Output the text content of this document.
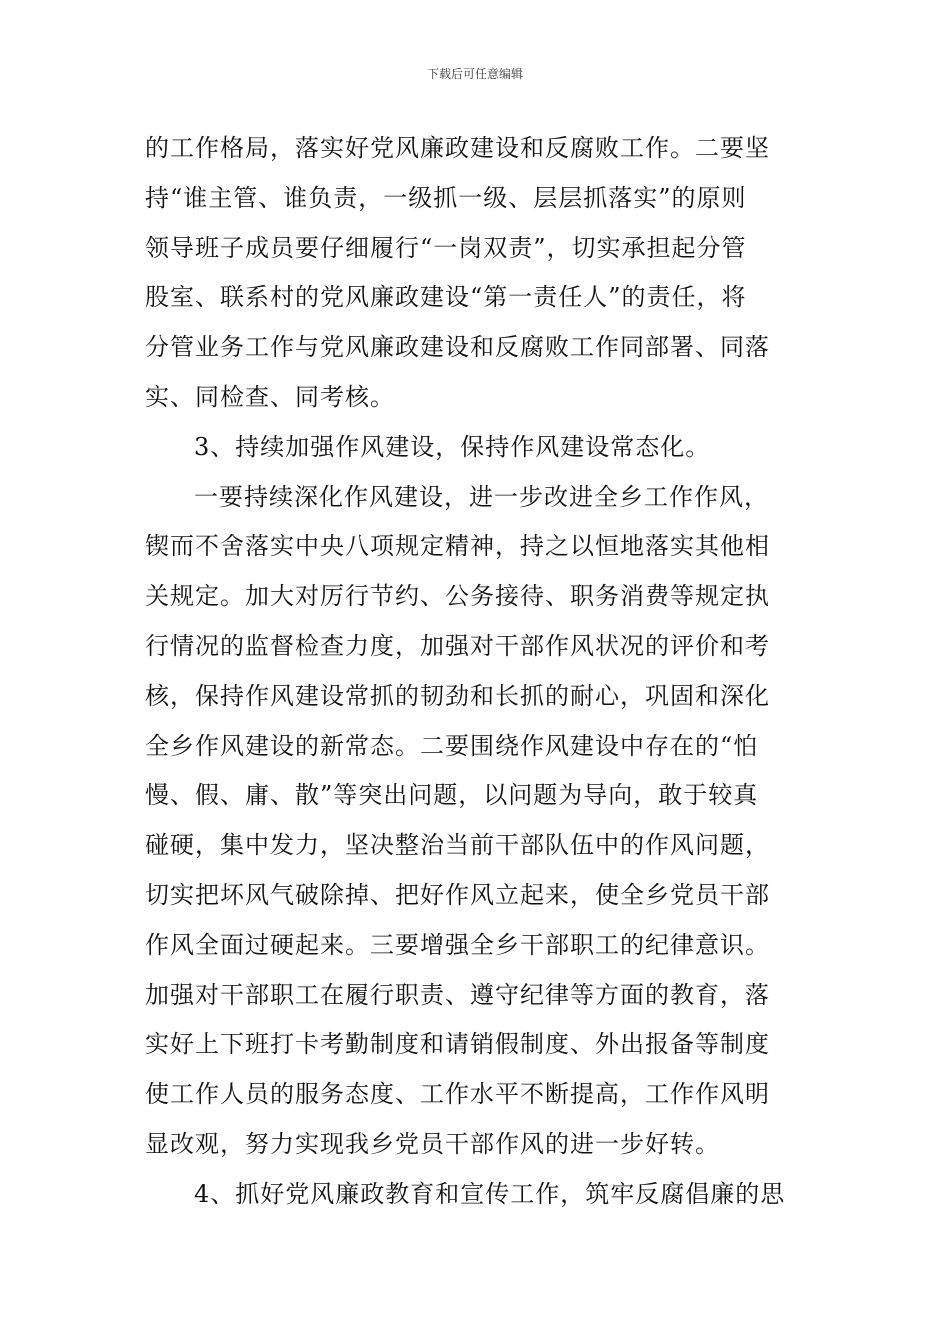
下载后可任意编辑
的工作格局，落实好党风廉政建设和反腐败工作。二要坚
持“谁主管、谁负责，一级抓一级、层层抓落实”的原则
领导班子成员要仔细履行“一岗双责”，切实承担起分管
股室、联系村的党风廉政建设“第一责任人”的责任，将
分管业务工作与党风廉政建设和反腐败工作同部署、同落
实、同检查、同考核。
3、持续加强作风建设，保持作风建设常态化。
一要持续深化作风建设，进一步改进全乡工作作风，
锲而不舍落实中央八项规定精神，持之以恒地落实其他相
关规定。加大对厉行节约、公务接待、职务消费等规定执
行情况的监督检查力度，加强对干部作风状况的评价和考
核，保持作风建设常抓的韧劲和长抓的耐心，巩固和深化
全乡作风建设的新常态。二要围绕作风建设中存在的“怕
慢、假、庸、散”等突出问题，以问题为导向，敢于较真
碰硬，集中发力，坚决整治当前干部队伍中的作风问题，
切实把坏风气破除掉、把好作风立起来，使全乡党员干部
作风全面过硬起来。三要增强全乡干部职工的纪律意识。
加强对干部职工在履行职责、遵守纪律等方面的教育，落
实好上下班打卡考勤制度和请销假制度、外出报备等制度
使工作人员的服务态度、工作水平不断提高，工作作风明
显改观，努力实现我乡党员干部作风的进一步好转。
4、抓好党风廉政教育和宣传工作，筑牢反腐倡廉的思
